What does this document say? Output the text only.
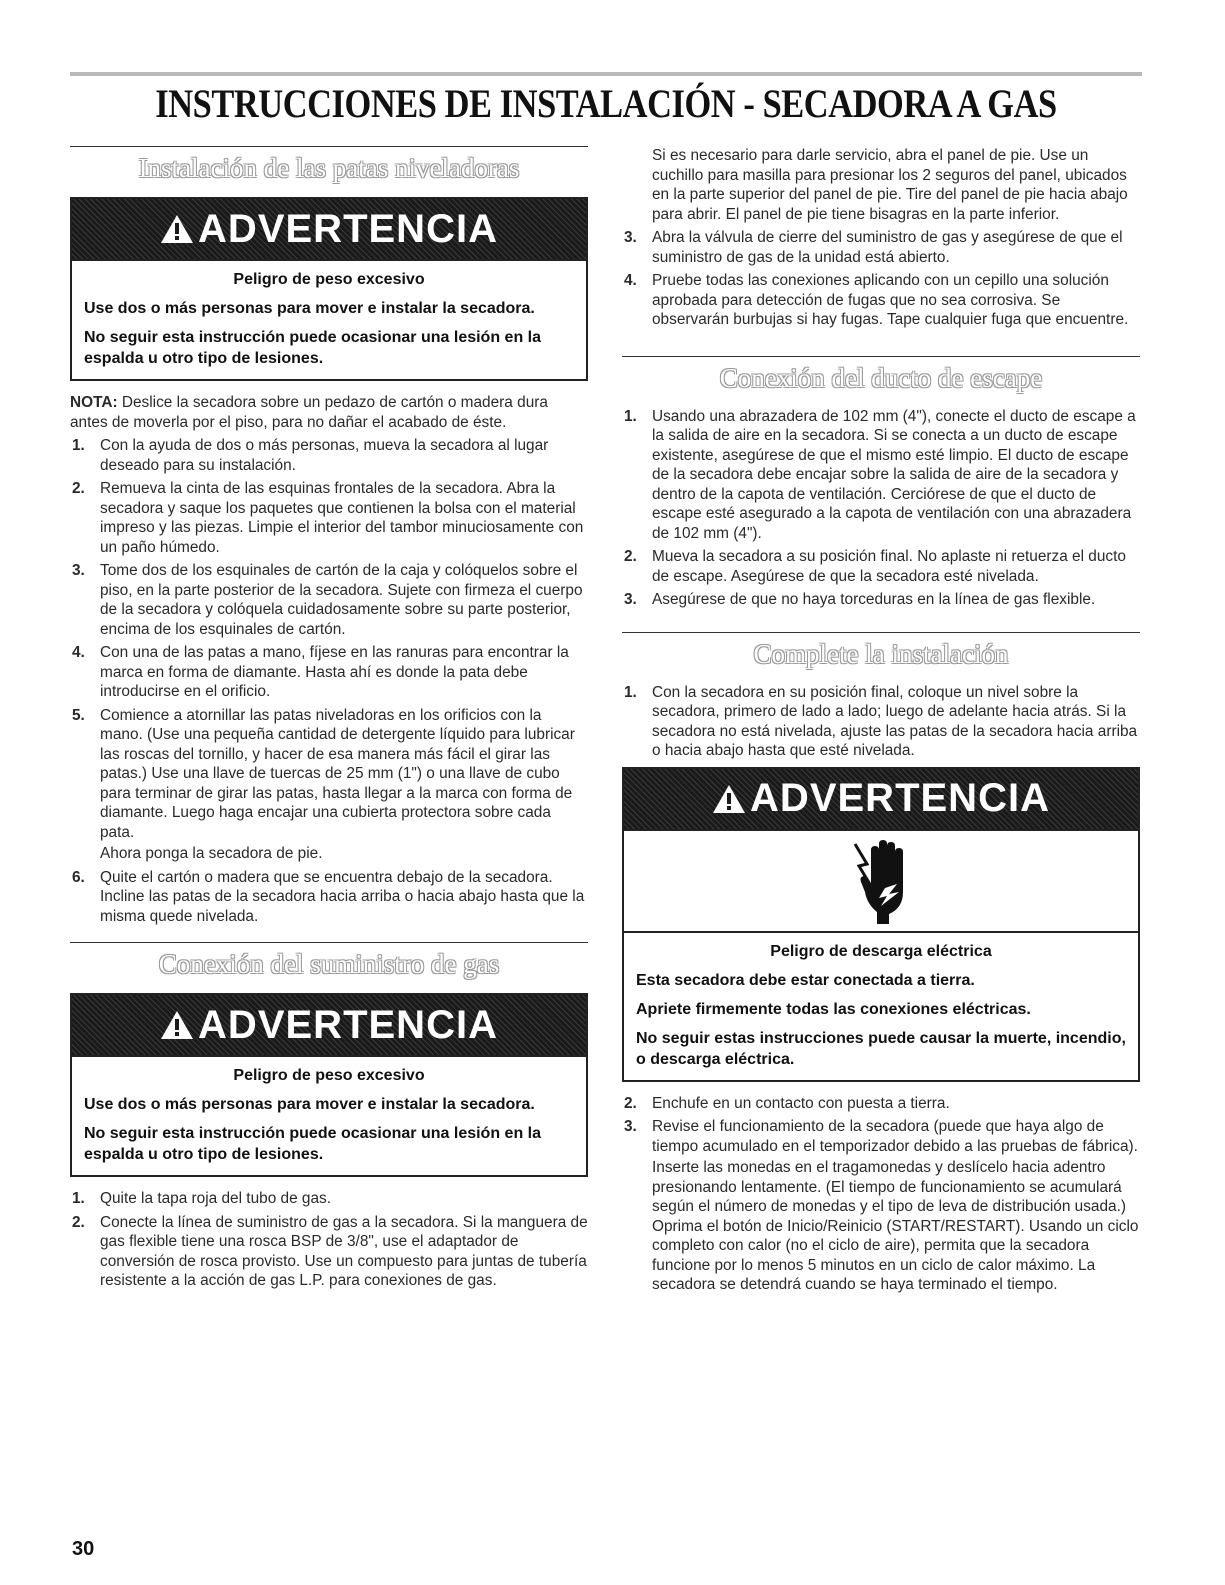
INSTRUCCIONES DE INSTALACIÓN - SECADORA A GAS
Instalación de las patas niveladoras
ADVERTENCIA
Peligro de peso excesivo

Use dos o más personas para mover e instalar la secadora.

No seguir esta instrucción puede ocasionar una lesión en la espalda u otro tipo de lesiones.

NOTA: Deslice la secadora sobre un pedazo de cartón o madera dura antes de moverla por el piso, para no dañar el acabado de éste.

1. Con la ayuda de dos o más personas, mueva la secadora al lugar deseado para su instalación.
2. Remueva la cinta de las esquinas frontales de la secadora. Abra la secadora y saque los paquetes que contienen la bolsa con el material impreso y las piezas. Limpie el interior del tambor minuciosamente con un paño húmedo.
3. Tome dos de los esquinales de cartón de la caja y colóquelos sobre el piso, en la parte posterior de la secadora. Sujete con firmeza el cuerpo de la secadora y colóquela cuidadosamente sobre su parte posterior, encima de los esquinales de cartón.
4. Con una de las patas a mano, fíjese en las ranuras para encontrar la marca en forma de diamante. Hasta ahí es donde la pata debe introducirse en el orificio.
5. Comience a atornillar las patas niveladoras en los orificios con la mano. (Use una pequeña cantidad de detergente líquido para lubricar las roscas del tornillo, y hacer de esa manera más fácil el girar las patas.) Use una llave de tuercas de 25 mm (1") o una llave de cubo para terminar de girar las patas, hasta llegar a la marca con forma de diamante. Luego haga encajar una cubierta protectora sobre cada pata.
Ahora ponga la secadora de pie.
6. Quite el cartón o madera que se encuentra debajo de la secadora. Incline las patas de la secadora hacia arriba o hacia abajo hasta que la misma quede nivelada.
Conexión del suministro de gas
ADVERTENCIA
Peligro de peso excesivo

Use dos o más personas para mover e instalar la secadora.

No seguir esta instrucción puede ocasionar una lesión en la espalda u otro tipo de lesiones.

1. Quite la tapa roja del tubo de gas.
2. Conecte la línea de suministro de gas a la secadora. Si la manguera de gas flexible tiene una rosca BSP de 3/8", use el adaptador de conversión de rosca provisto. Use un compuesto para juntas de tubería resistente a la acción de gas L.P. para conexiones de gas.

Si es necesario para darle servicio, abra el panel de pie. Use un cuchillo para masilla para presionar los 2 seguros del panel, ubicados en la parte superior del panel de pie. Tire del panel de pie hacia abajo para abrir. El panel de pie tiene bisagras en la parte inferior.

3. Abra la válvula de cierre del suministro de gas y asegúrese de que el suministro de gas de la unidad está abierto.
4. Pruebe todas las conexiones aplicando con un cepillo una solución aprobada para detección de fugas que no sea corrosiva. Se observarán burbujas si hay fugas. Tape cualquier fuga que encuentre.
Conexión del ducto de escape
1. Usando una abrazadera de 102 mm (4"), conecte el ducto de escape a la salida de aire en la secadora. Si se conecta a un ducto de escape existente, asegúrese de que el mismo esté limpio. El ducto de escape de la secadora debe encajar sobre la salida de aire de la secadora y dentro de la capota de ventilación. Cerciórese de que el ducto de escape esté asegurado a la capota de ventilación con una abrazadera de 102 mm (4").
2. Mueva la secadora a su posición final. No aplaste ni retuerza el ducto de escape. Asegúrese de que la secadora esté nivelada.
3. Asegúrese de que no haya torceduras en la línea de gas flexible.
Complete la instalación
1. Con la secadora en su posición final, coloque un nivel sobre la secadora, primero de lado a lado; luego de adelante hacia atrás. Si la secadora no está nivelada, ajuste las patas de la secadora hacia arriba o hacia abajo hasta que esté nivelada.
ADVERTENCIA
Peligro de descarga eléctrica

Esta secadora debe estar conectada a tierra.

Apriete firmemente todas las conexiones eléctricas.

No seguir estas instrucciones puede causar la muerte, incendio, o descarga eléctrica.

2. Enchufe en un contacto con puesta a tierra.
3. Revise el funcionamiento de la secadora (puede que haya algo de tiempo acumulado en el temporizador debido a las pruebas de fábrica).
Inserte las monedas en el tragamonedas y deslícelo hacia adentro presionando lentamente. (El tiempo de funcionamiento se acumulará según el número de monedas y el tipo de leva de distribución usada.) Oprima el botón de Inicio/Reinicio (START/RESTART). Usando un ciclo completo con calor (no el ciclo de aire), permita que la secadora funcione por lo menos 5 minutos en un ciclo de calor máximo. La secadora se detendrá cuando se haya terminado el tiempo.
30
